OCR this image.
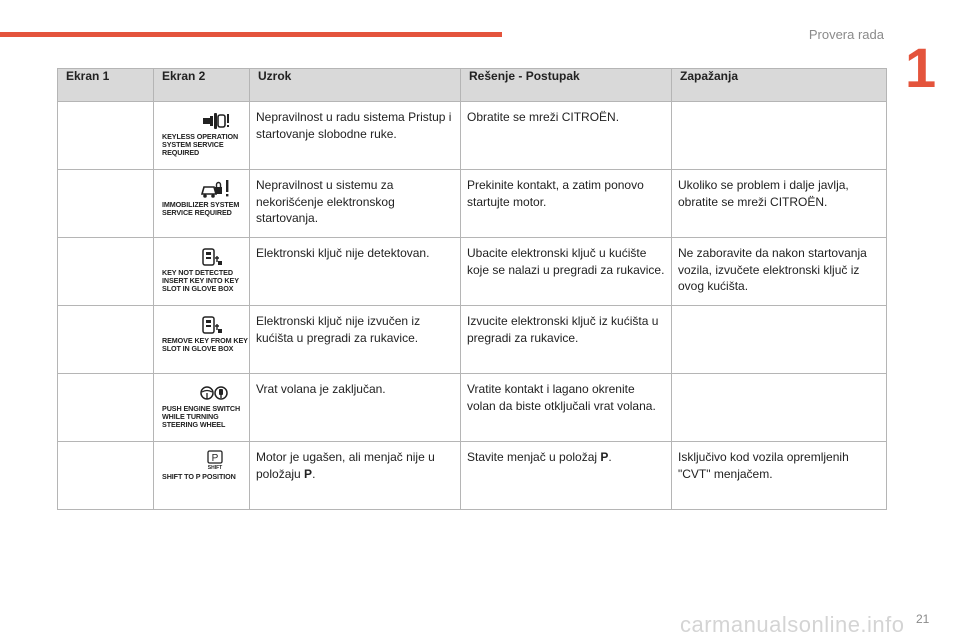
Provera rada
1
21
carmanualsonline.info
Ekran 1	Ekran 2	Uzrok	Rešenje - Postupak	Zapažanja

	KEYLESS OPERATION
SYSTEM SERVICE
REQUIRED	Nepravilnost u radu sistema Pristup i startovanje slobodne ruke.	Obratite se mreži CITROËN.	

	IMMOBILIZER SYSTEM
SERVICE REQUIRED	Nepravilnost u sistemu za nekorišćenje elektronskog startovanja.	Prekinite kontakt, a zatim ponovo startujte motor.	Ukoliko se problem i dalje javlja, obratite se mreži CITROËN.

	KEY NOT DETECTED
INSERT KEY INTO KEY
SLOT IN GLOVE BOX	Elektronski ključ nije detektovan.	Ubacite elektronski ključ u kućište koje se nalazi u pregradi za rukavice.	Ne zaboravite da nakon startovanja vozila, izvučete elektronski ključ iz ovog kućišta.

	REMOVE KEY FROM KEY
SLOT IN GLOVE BOX	Elektronski ključ nije izvučen iz kućišta u pregradi za rukavice.	Izvucite elektronski ključ iz kućišta u pregradi za rukavice.	

	PUSH ENGINE SWITCH
WHILE TURNING
STEERING WHEEL	Vrat volana je zaključan.	Vratite kontakt i lagano okrenite volan da biste otključali vrat volana.	

P
SHIFT
SHIFT TO P POSITION	Motor je ugašen, ali menjač nije u položaju P.	Stavite menjač u položaj P.	Isključivo kod vozila opremljenih "CVT" menjačem.
